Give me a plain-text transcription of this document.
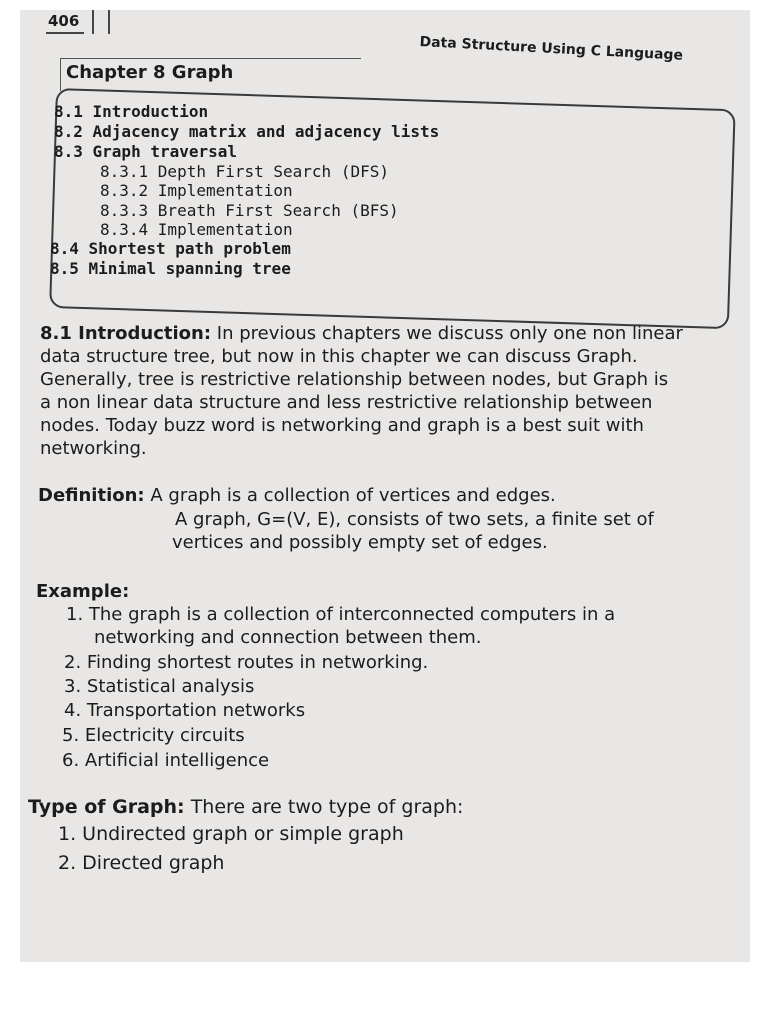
406
Data Structure Using C Language
Chapter 8 Graph
8.1 Introduction
8.2 Adjacency matrix and adjacency lists
8.3 Graph traversal
8.3.1 Depth First Search (DFS)
8.3.2 Implementation
8.3.3 Breath First Search (BFS)
8.3.4 Implementation
8.4 Shortest path problem
8.5 Minimal spanning tree
8.1 Introduction: In previous chapters we discuss only one non linear
data structure tree, but now in this chapter we can discuss Graph.
Generally, tree is restrictive relationship between nodes, but Graph is
a non linear data structure and less restrictive relationship between
nodes. Today buzz word is networking and graph is a best suit with
networking.
Definition: A graph is a collection of vertices and edges.
A graph, G=(V, E), consists of two sets, a finite set of
vertices and possibly empty set of edges.
Example:
1. The graph is a collection of interconnected computers in a
networking and connection between them.
2. Finding shortest routes in networking.
3. Statistical analysis
4. Transportation networks
5. Electricity circuits
6. Artificial intelligence
Type of Graph: There are two type of graph:
1. Undirected graph or simple graph
2. Directed graph
